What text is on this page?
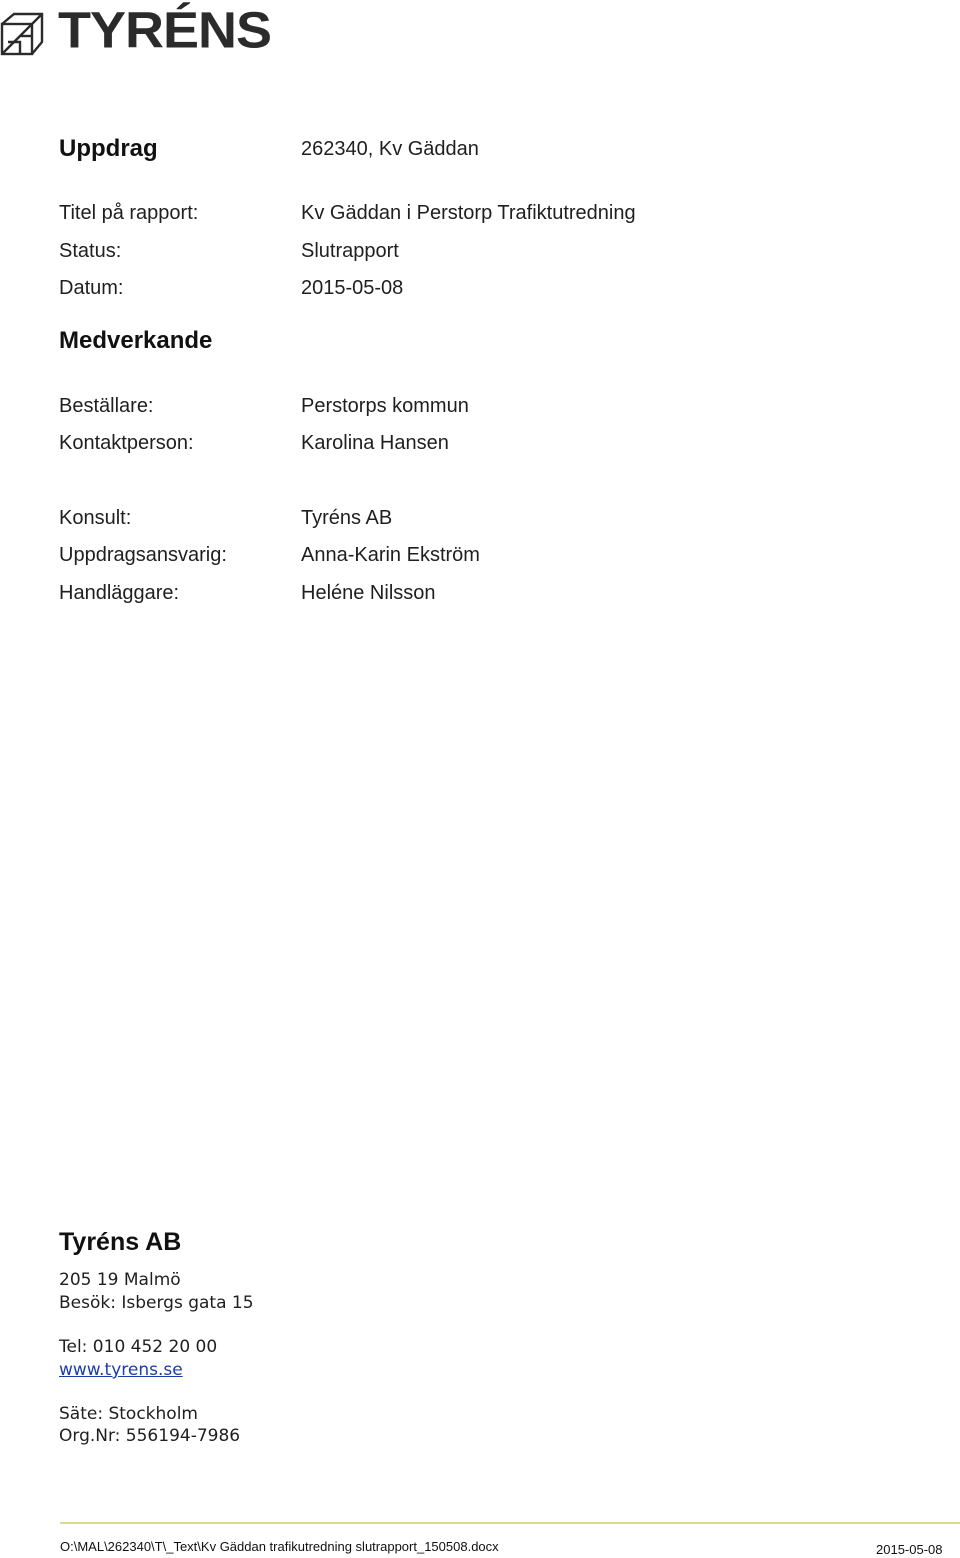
TYRÉNS
Uppdrag	262340, Kv Gäddan
Titel på rapport:	Kv Gäddan i Perstorp Trafiktutredning
Status:	Slutrapport
Datum:	2015-05-08
Medverkande
Beställare:	Perstorps kommun
Kontaktperson:	Karolina Hansen
Konsult:	Tyréns AB
Uppdragsansvarig:	Anna-Karin Ekström
Handläggare:	Heléne Nilsson
Tyréns AB
205 19 Malmö
Besök: Isbergs gata 15
Tel: 010 452 20 00
www.tyrens.se
Säte: Stockholm
Org.Nr: 556194-7986
O:\MAL\262340\T\_Text\Kv Gäddan trafikutredning slutrapport_150508.docx	2015-05-08
